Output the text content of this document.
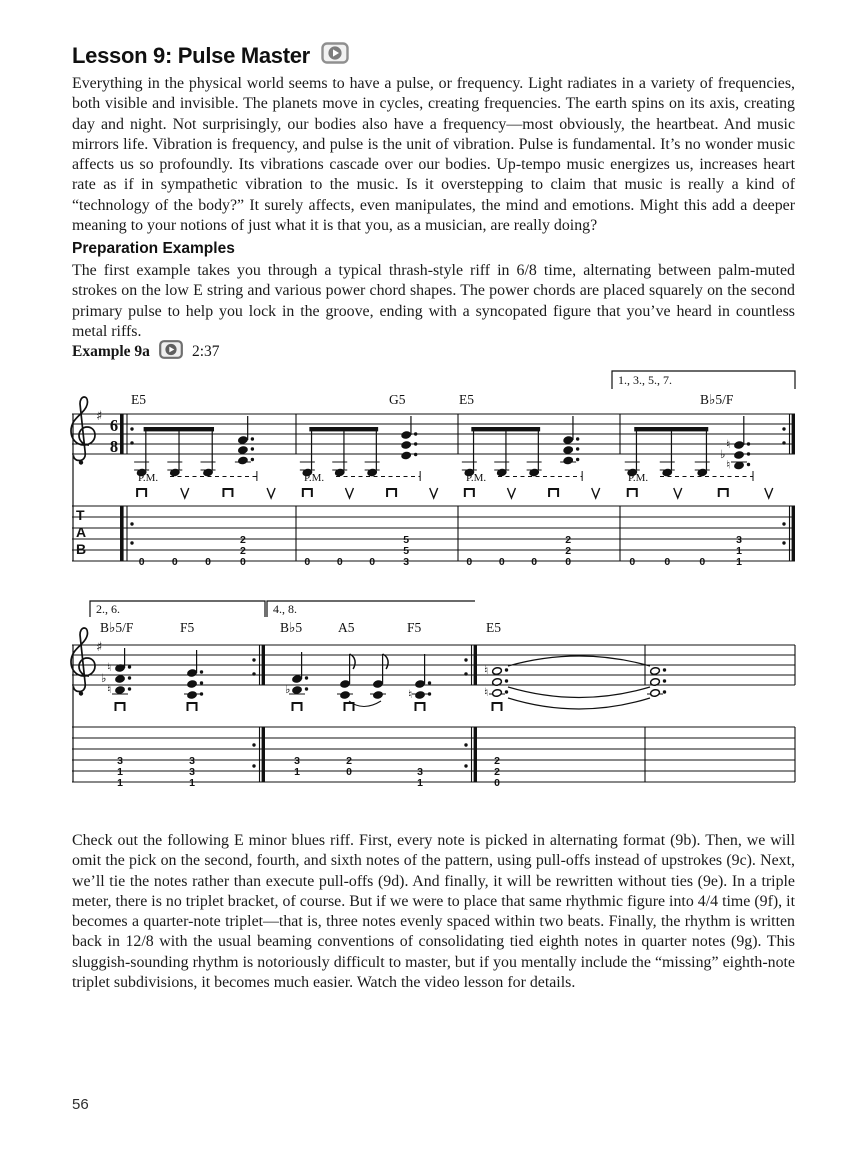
Lesson 9: Pulse Master
Everything in the physical world seems to have a pulse, or frequency. Light radiates in a variety of frequencies, both visible and invisible. The planets move in cycles, creating frequencies. The earth spins on its axis, creating day and night. Not surprisingly, our bodies also have a frequency—most obviously, the heartbeat. And music mirrors life. Vibration is frequency, and pulse is the unit of vibration. Pulse is fundamental. It’s no wonder music affects us so profoundly. Its vibrations cascade over our bodies. Up-tempo music energizes us, increases heart rate as if in sympathetic vibration to the music. Is it overstepping to claim that music is really a kind of “technology of the body?” It surely affects, even manipulates, the mind and emotions. Might this add a deeper meaning to your notions of just what it is that you, as a musician, are really doing?
Preparation Examples
The first example takes you through a typical thrash-style riff in 6/8 time, alternating between palm-muted strokes on the low E string and various power chord shapes. The power chords are placed squarely on the second primary pulse to help you lock in the groove, ending with a syncopated figure that you’ve heard in countless metal riffs.
Example 9a	2:37
♯ 6
8
1., 3., 5., 7.
T
A
B
E5
P.M.
0	0	0
2
2
0
G5
P.M.
0	0	0
5
5
3
E5
P.M.
0	0	0
2
2
0
B♭5/F
♮
♭
♮
P.M.
0	0	0
3
1
1
♯
2., 6.	4., 8.
B♭5/F	F5	B♭5	A5	F5	E5
♮
♭
♮	♭	♮
♮
♮
3
1
1
3
3
1
3
1
2
0	3
1
2
2
0
Check out the following E minor blues riff. First, every note is picked in alternating format (9b). Then, we will omit the pick on the second, fourth, and sixth notes of the pattern, using pull-offs instead of upstrokes (9c). Next, we’ll tie the notes rather than execute pull-offs (9d). And finally, it will be rewritten without ties (9e). In a triple meter, there is no triplet bracket, of course. But if we were to place that same rhythmic figure into 4/4 time (9f), it becomes a quarter-note triplet—that is, three notes evenly spaced within two beats. Finally, the rhythm is written back in 12/8 with the usual beaming conventions of consolidating tied eighth notes in quarter notes (9g). This sluggish-sounding rhythm is notoriously difficult to master, but if you mentally include the “missing” eighth-note triplet subdivisions, it becomes much easier. Watch the video lesson for details.
56
